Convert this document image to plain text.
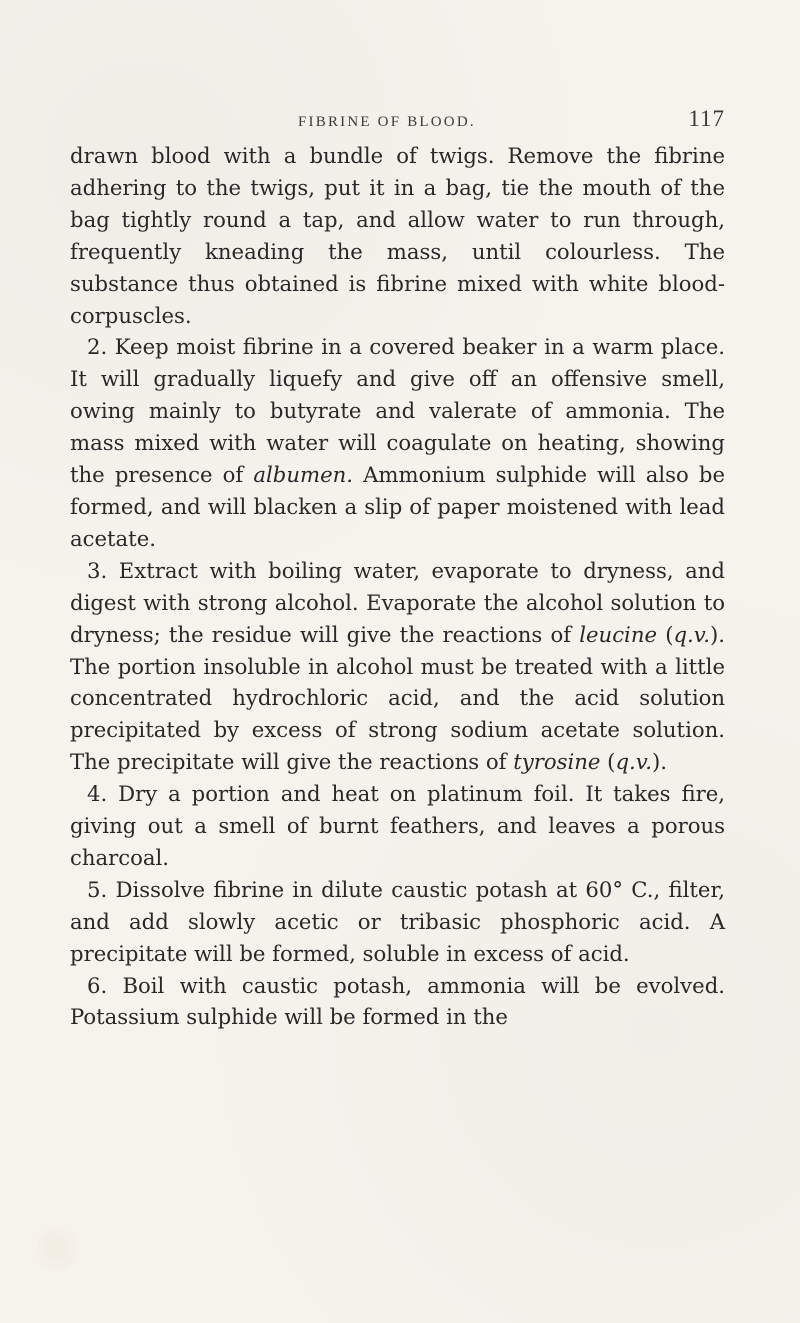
FIBRINE OF BLOOD.	117

drawn blood with a bundle of twigs. Remove the fibrine adhering to the twigs, put it in a bag, tie the mouth of the bag tightly round a tap, and allow water to run through, frequently kneading the mass, until colourless. The substance thus obtained is fibrine mixed with white blood-corpuscles.

2. Keep moist fibrine in a covered beaker in a warm place. It will gradually liquefy and give off an offensive smell, owing mainly to butyrate and valerate of ammonia. The mass mixed with water will coagulate on heating, showing the presence of albumen. Ammonium sulphide will also be formed, and will blacken a slip of paper moistened with lead acetate.

3. Extract with boiling water, evaporate to dryness, and digest with strong alcohol. Evaporate the alcohol solution to dryness; the residue will give the reactions of leucine (q.v.). The portion insoluble in alcohol must be treated with a little concentrated hydrochloric acid, and the acid solution precipitated by excess of strong sodium acetate solution. The precipitate will give the reactions of tyrosine (q.v.).

4. Dry a portion and heat on platinum foil. It takes fire, giving out a smell of burnt feathers, and leaves a porous charcoal.

5. Dissolve fibrine in dilute caustic potash at 60° C., filter, and add slowly acetic or tribasic phosphoric acid. A precipitate will be formed, soluble in excess of acid.

6. Boil with caustic potash, ammonia will be evolved. Potassium sulphide will be formed in the
